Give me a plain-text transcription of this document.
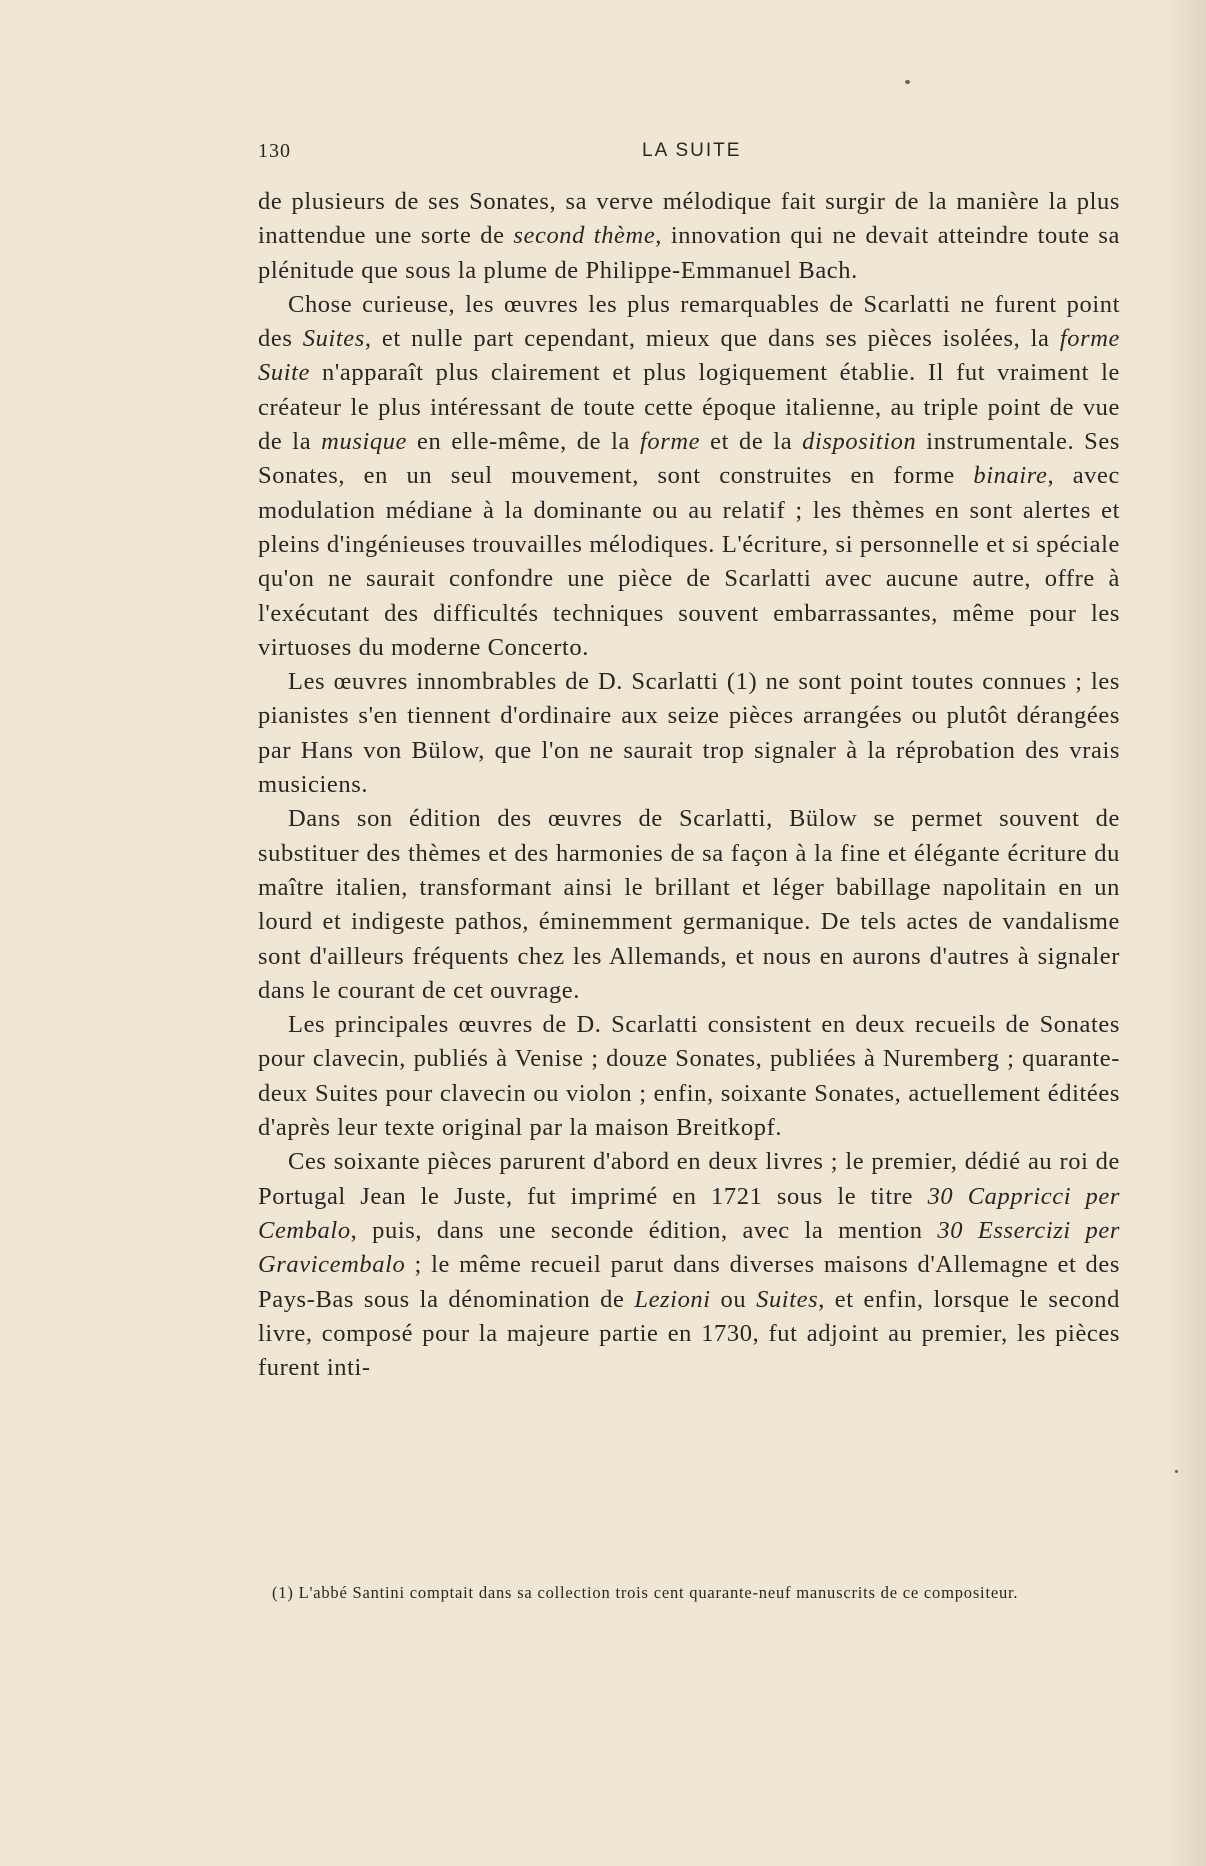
130	LA SUITE

de plusieurs de ses Sonates, sa verve mélodique fait surgir de la manière la plus inattendue une sorte de second thème, innovation qui ne devait atteindre toute sa plénitude que sous la plume de Philippe-Emmanuel Bach.

Chose curieuse, les œuvres les plus remarquables de Scarlatti ne furent point des Suites, et nulle part cependant, mieux que dans ses pièces isolées, la forme Suite n'apparaît plus clairement et plus logiquement établie. Il fut vraiment le créateur le plus intéressant de toute cette époque italienne, au triple point de vue de la musique en elle-même, de la forme et de la disposition instrumentale. Ses Sonates, en un seul mouvement, sont construites en forme binaire, avec modulation médiane à la dominante ou au relatif ; les thèmes en sont alertes et pleins d'ingénieuses trouvailles mélodiques. L'écriture, si personnelle et si spéciale qu'on ne saurait confondre une pièce de Scarlatti avec aucune autre, offre à l'exécutant des difficultés techniques souvent embarrassantes, même pour les virtuoses du moderne Concerto.

Les œuvres innombrables de D. Scarlatti (1) ne sont point toutes connues ; les pianistes s'en tiennent d'ordinaire aux seize pièces arrangées ou plutôt dérangées par Hans von Bülow, que l'on ne saurait trop signaler à la réprobation des vrais musiciens.

Dans son édition des œuvres de Scarlatti, Bülow se permet souvent de substituer des thèmes et des harmonies de sa façon à la fine et élégante écriture du maître italien, transformant ainsi le brillant et léger babillage napolitain en un lourd et indigeste pathos, éminemment germanique. De tels actes de vandalisme sont d'ailleurs fréquents chez les Allemands, et nous en aurons d'autres à signaler dans le courant de cet ouvrage.

Les principales œuvres de D. Scarlatti consistent en deux recueils de Sonates pour clavecin, publiés à Venise ; douze Sonates, publiées à Nuremberg ; quarante-deux Suites pour clavecin ou violon ; enfin, soixante Sonates, actuellement éditées d'après leur texte original par la maison Breitkopf.

Ces soixante pièces parurent d'abord en deux livres ; le premier, dédié au roi de Portugal Jean le Juste, fut imprimé en 1721 sous le titre 30 Cappricci per Cembalo, puis, dans une seconde édition, avec la mention 30 Essercizi per Gravicembalo ; le même recueil parut dans diverses maisons d'Allemagne et des Pays-Bas sous la dénomination de Lezioni ou Suites, et enfin, lorsque le second livre, composé pour la majeure partie en 1730, fut adjoint au premier, les pièces furent inti-

(1) L'abbé Santini comptait dans sa collection trois cent quarante-neuf manuscrits de ce compositeur.
